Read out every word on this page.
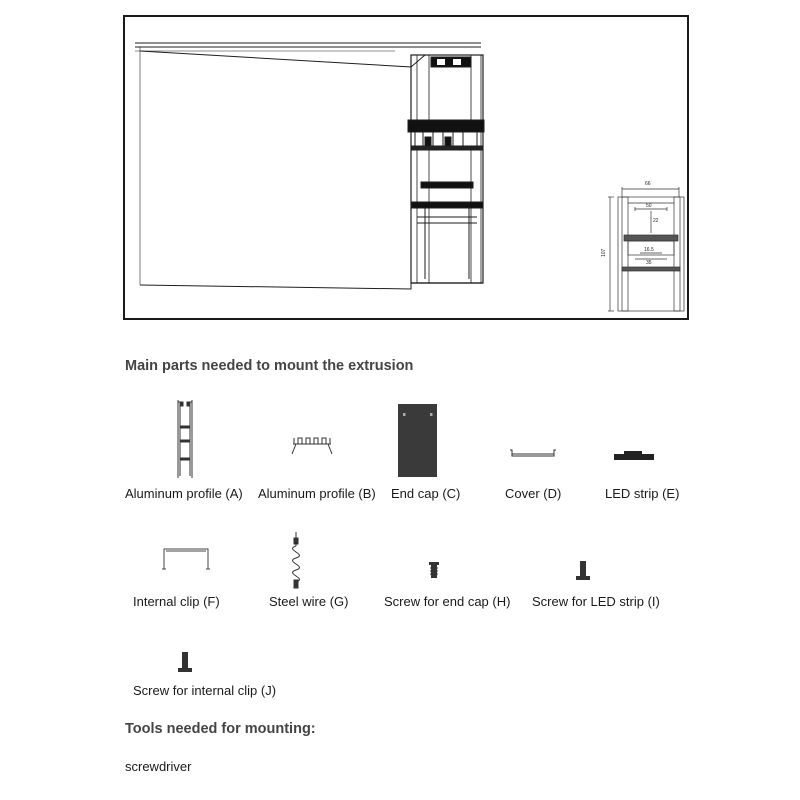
66
50
22
16.5
35
107
Main parts needed to mount the extrusion
Aluminum profile (A) Aluminum profile (B) End cap (C)	Cover (D)	LED strip (E)
Internal clip (F)	Steel wire (G)	Screw for end cap (H) Screw for LED strip (I)
Screw for internal clip (J)
Tools needed for mounting:
screwdriver
